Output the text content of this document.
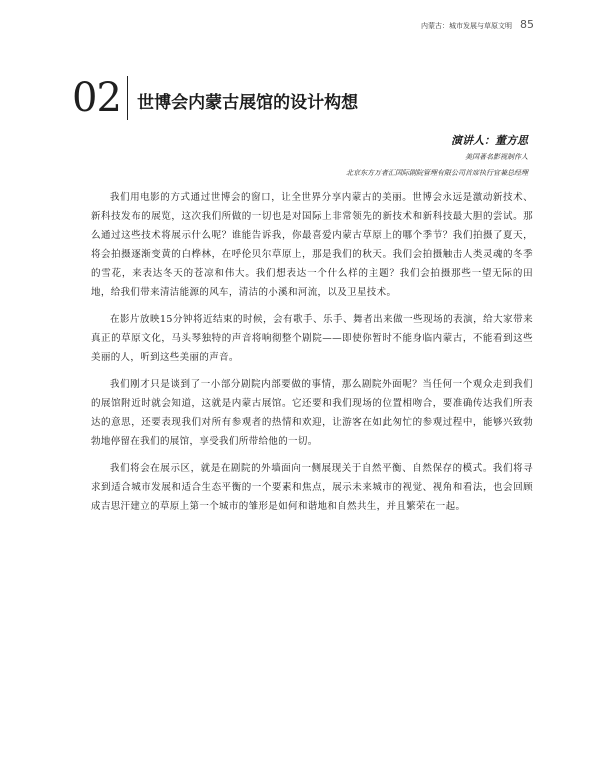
内蒙古：城市发展与草原文明 85
02 世博会内蒙古展馆的设计构想
演讲人：董方思
美国著名影视制作人
北京东方万者汇国际剧院管理有限公司首席执行官兼总经理

我们用电影的方式通过世博会的窗口，让全世界分享内蒙古的美丽。世博会永远是激动新技术、新科技发布的展览，这次我们所做的一切也是对国际上非常领先的新技术和新科技最大胆的尝试。那么通过这些技术将展示什么呢？谁能告诉我，你最喜爱内蒙古草原上的哪个季节？我们拍摄了夏天，将会拍摄逐渐变黄的白桦林，在呼伦贝尔草原上，那是我们的秋天。我们会拍摄触击人类灵魂的冬季的雪花，来表达冬天的苍凉和伟大。我们想表达一个什么样的主题？我们会拍摄那些一望无际的田地，给我们带来清洁能源的风车，清洁的小溪和河流，以及卫星技术。

在影片放映15分钟将近结束的时候，会有歌手、乐手、舞者出来做一些现场的表演，给大家带来真正的草原文化，马头琴独特的声音将响彻整个剧院——即使你暂时不能身临内蒙古，不能看到这些美丽的人，听到这些美丽的声音。

我们刚才只是谈到了一小部分剧院内部要做的事情，那么剧院外面呢？当任何一个观众走到我们的展馆附近时就会知道，这就是内蒙古展馆。它还要和我们现场的位置相吻合，要准确传达我们所表达的意思，还要表现我们对所有参观者的热情和欢迎，让游客在如此匆忙的参观过程中，能够兴致勃勃地停留在我们的展馆，享受我们所带给他的一切。

我们将会在展示区，就是在剧院的外墙面向一侧展现关于自然平衡、自然保存的模式。我们将寻求到适合城市发展和适合生态平衡的一个要素和焦点，展示未来城市的视觉、视角和看法，也会回顾成吉思汗建立的草原上第一个城市的雏形是如何和谐地和自然共生，并且繁荣在一起。
